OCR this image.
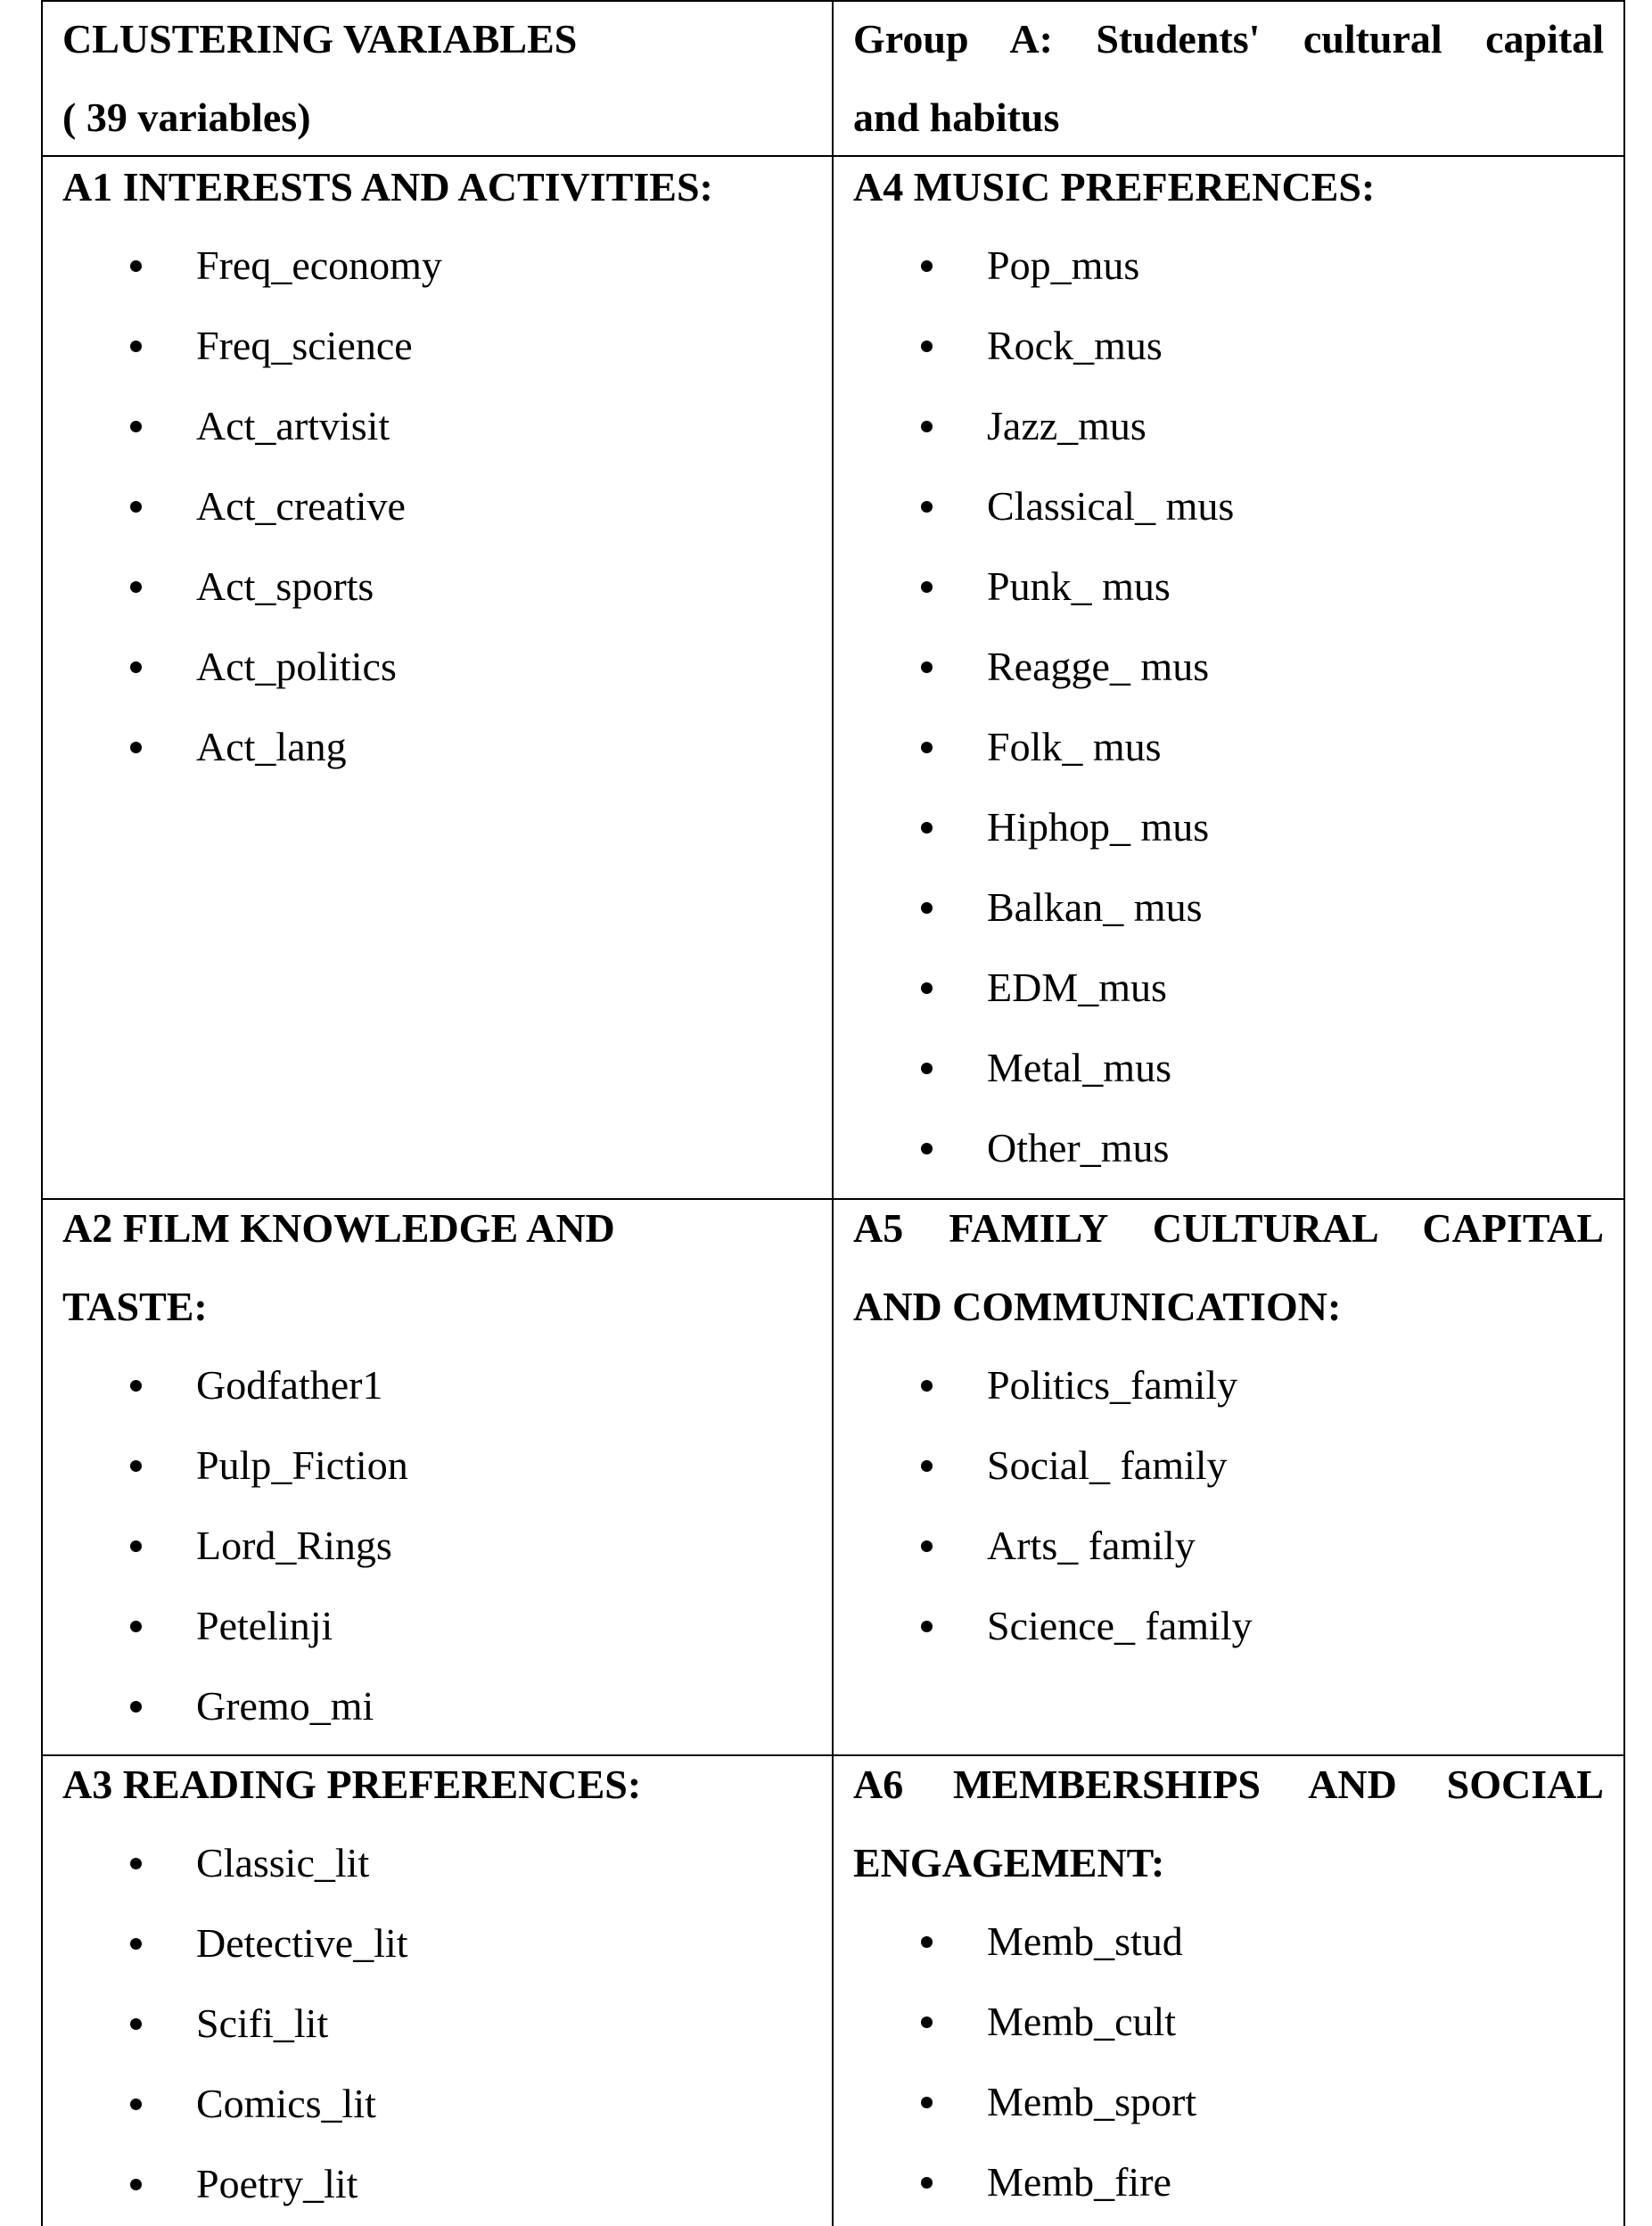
CLUSTERING VARIABLES
( 39 variables)
Group A: Students' cultural capital
and habitus
A1 INTERESTS AND ACTIVITIES:
Freq_economy
Freq_science
Act_artvisit
Act_creative
Act_sports
Act_politics
Act_lang
A4 MUSIC PREFERENCES:
Pop_mus
Rock_mus
Jazz_mus
Classical_ mus
Punk_ mus
Reagge_ mus
Folk_ mus
Hiphop_ mus
Balkan_ mus
EDM_mus
Metal_mus
Other_mus
A2 FILM KNOWLEDGE AND
TASTE:
Godfather1
Pulp_Fiction
Lord_Rings
Petelinji
Gremo_mi
A5 FAMILY CULTURAL CAPITAL
AND COMMUNICATION:
Politics_family
Social_ family
Arts_ family
Science_ family
A3 READING PREFERENCES:
Classic_lit
Detective_lit
Scifi_lit
Comics_lit
Poetry_lit
A6 MEMBERSHIPS AND SOCIAL
ENGAGEMENT:
Memb_stud
Memb_cult
Memb_sport
Memb_fire
